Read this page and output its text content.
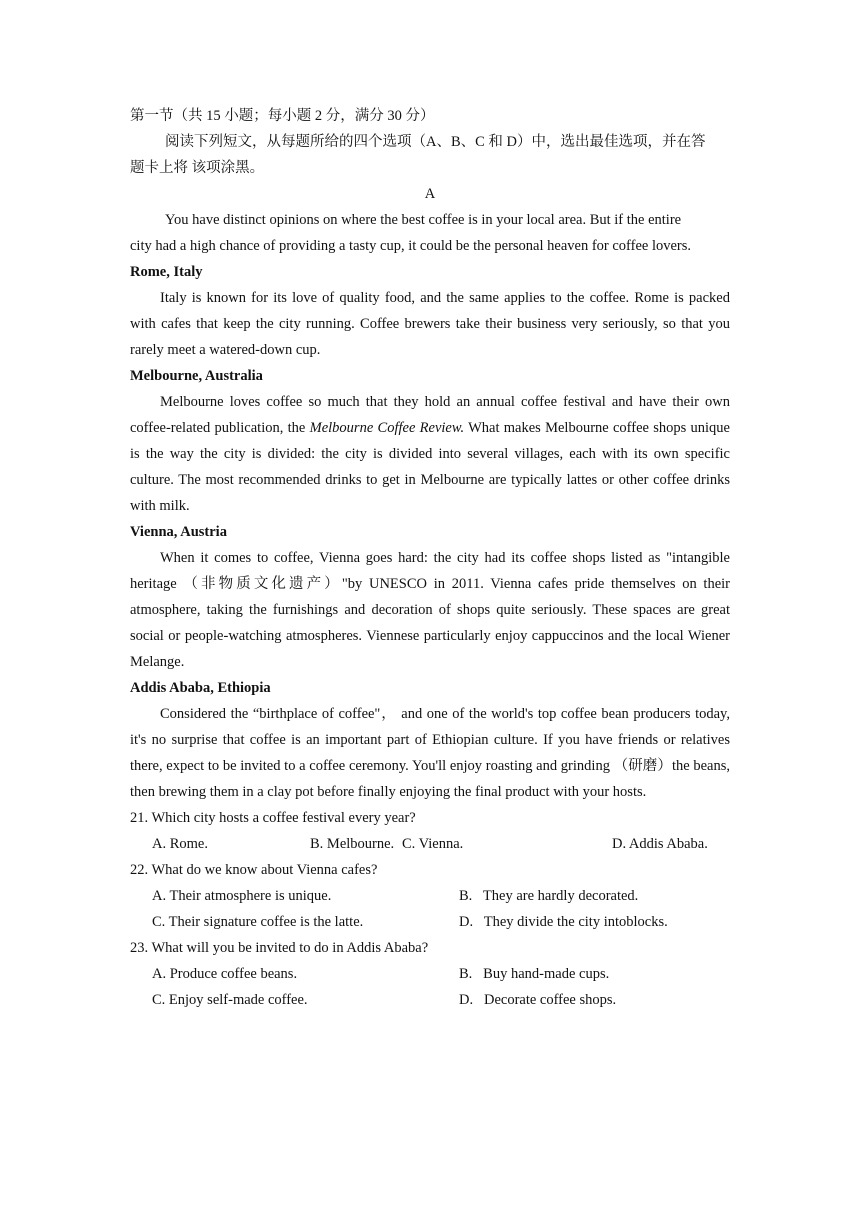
第一节（共 15 小题；每小题 2 分，满分 30 分）

阅读下列短文，从每题所给的四个选项（A、B、C 和 D）中，选出最佳选项，并在答

题卡上将 该项涂黑。

A

You have distinct opinions on where the best coffee is in your local area. But if the entire

city had a high chance of providing a tasty cup, it could be the personal heaven for coffee lovers.

Rome, Italy

Italy is known for its love of quality food, and the same applies to the coffee. Rome is packed with cafes that keep the city running. Coffee brewers take their business very seriously, so that you rarely meet a watered-down cup.

Melbourne, Australia

Melbourne loves coffee so much that they hold an annual coffee festival and have their own coffee-related publication, the Melbourne Coffee Review. What makes Melbourne coffee shops unique is the way the city is divided: the city is divided into several villages, each with its own specific culture. The most recommended drinks to get in Melbourne are typically lattes or other coffee drinks with milk.

Vienna, Austria

When it comes to coffee, Vienna goes hard: the city had its coffee shops listed as "intangible heritage （非物质文化遗产）"by UNESCO in 2011. Vienna cafes pride themselves on their atmosphere, taking the furnishings and decoration of shops quite seriously. These spaces are great social or people-watching atmospheres. Viennese particularly enjoy cappuccinos and the local Wiener Melange.

Addis Ababa, Ethiopia

Considered the “birthplace of coffee"， and one of the world's top coffee bean producers today, it's no surprise that coffee is an important part of Ethiopian culture. If you have friends or relatives there, expect to be invited to a coffee ceremony. You'll enjoy roasting and grinding （研磨）the beans, then brewing them in a clay pot before finally enjoying the final product with your hosts.

21. Which city hosts a coffee festival every year?

A. Rome.	B. Melbourne. C. Vienna.	D. Addis Ababa.

22. What do we know about Vienna cafes?

A. Their atmosphere is unique.	B.   They are hardly decorated.
C. Their signature coffee is the latte.	D.   They divide the city intoblocks.

23. What will you be invited to do in Addis Ababa?

A. Produce coffee beans.	B.   Buy hand-made cups.
C. Enjoy self-made coffee.	D.   Decorate coffee shops.
